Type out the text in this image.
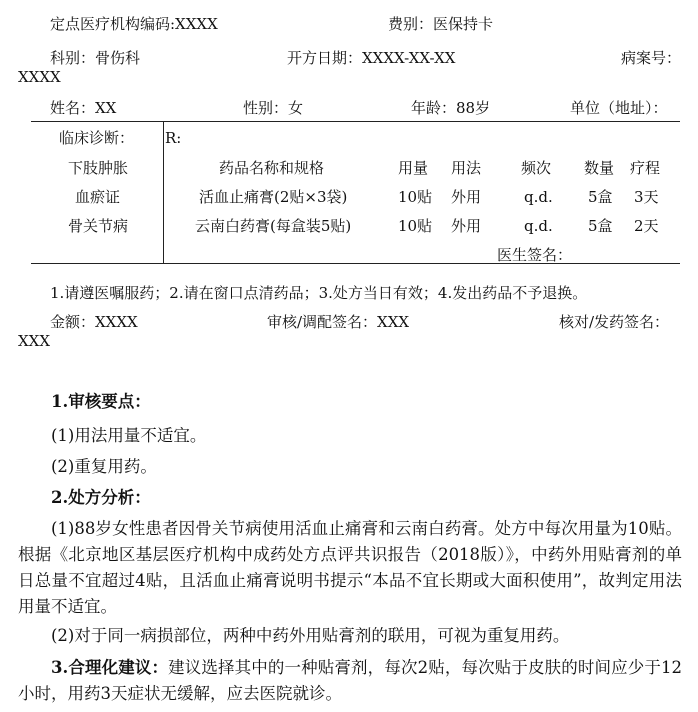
定点医疗机构编码:XXXX	费别：医保持卡
科别：骨伤科	开方日期：XXXX-XX-XX	病案号：
XXXX
姓名：XX	性别：女	年龄：88岁	单位（地址）：
临床诊断：
下肢肿胀
血瘀证
骨关节病
R:
药品名称和规格	用量 用法	频次 数量 疗程
活血止痛膏(2贴×3袋)	10贴 外用	q.d. 5盒 3天
云南白药膏(每盒装5贴)	10贴 外用	q.d. 5盒 2天
医生签名：
1.请遵医嘱服药；2.请在窗口点清药品；3.处方当日有效；4.发出药品不予退换。
金额：XXXX	审核/调配签名：XXX	核对/发药签名：
XXX
1.审核要点：
(1)用法用量不适宜。
(2)重复用药。
2.处方分析：

(1)88岁女性患者因骨关节病使用活血止痛膏和云南白药膏。处方中每次用量为10贴。根据《北京地区基层医疗机构中成药处方点评共识报告（2018版）》，中药外用贴膏剂的单日总量不宜超过4贴，且活血止痛膏说明书提示“本品不宜长期或大面积使用”，故判定用法用量不适宜。

(2)对于同一病损部位，两种中药外用贴膏剂的联用，可视为重复用药。

3.合理化建议：建议选择其中的一种贴膏剂，每次2贴，每次贴于皮肤的时间应少于12小时，用药3天症状无缓解，应去医院就诊。
